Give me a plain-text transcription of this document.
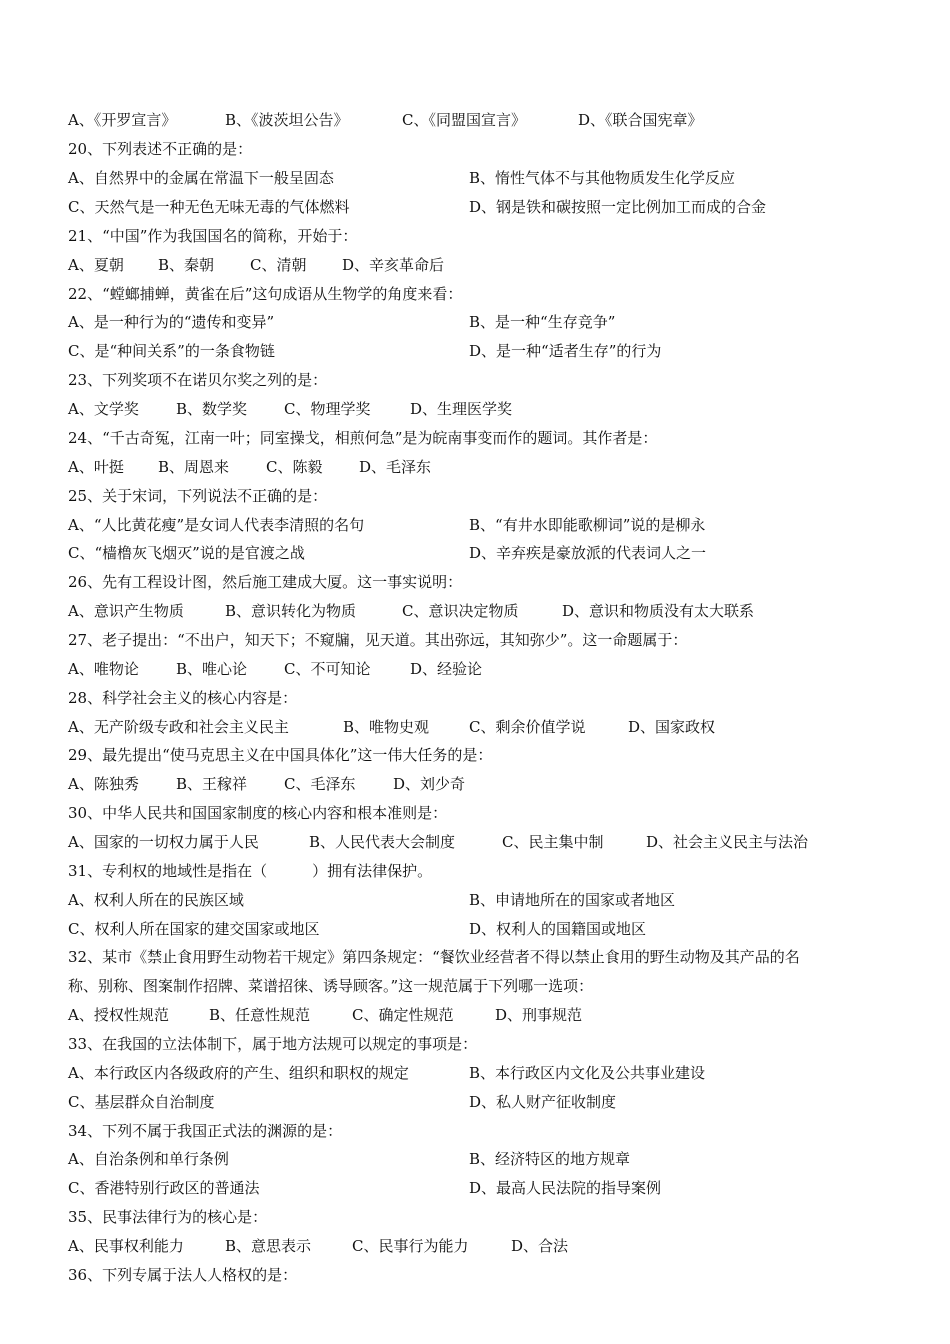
A、《开罗宣言》	B、《波茨坦公告》	C、《同盟国宣言》	D、《联合国宪章》
20、下列表述不正确的是：
A、自然界中的金属在常温下一般呈固态	B、惰性气体不与其他物质发生化学反应
C、天然气是一种无色无味无毒的气体燃料	D、钢是铁和碳按照一定比例加工而成的合金
21、“中国”作为我国国名的简称，开始于：
A、夏朝 B、秦朝 C、清朝 D、辛亥革命后
22、“螳螂捕蝉，黄雀在后”这句成语从生物学的角度来看：
A、是一种行为的“遗传和变异”	B、是一种“生存竞争”
C、是“种间关系”的一条食物链	D、是一种“适者生存”的行为
23、下列奖项不在诺贝尔奖之列的是：
A、文学奖 B、数学奖 C、物理学奖	D、生理医学奖
24、“千古奇冤，江南一叶；同室操戈，相煎何急”是为皖南事变而作的题词。其作者是：
A、叶挺 B、周恩来 C、陈毅 D、毛泽东
25、关于宋词，下列说法不正确的是：
A、“人比黄花瘦”是女词人代表李清照的名句	B、“有井水即能歌柳词”说的是柳永
C、“樯橹灰飞烟灭”说的是官渡之战	D、辛弃疾是豪放派的代表词人之一
26、先有工程设计图，然后施工建成大厦。这一事实说明：
A、意识产生物质	B、意识转化为物质	C、意识决定物质	D、意识和物质没有太大联系
27、老子提出：“不出户，知天下；不窥牖，见天道。其出弥远，其知弥少”。这一命题属于：
A、唯物论 B、唯心论 C、不可知论	D、经验论
28、科学社会主义的核心内容是：
A、无产阶级专政和社会主义民主	B、唯物史观	C、剩余价值学说	D、国家政权
29、最先提出“使马克思主义在中国具体化”这一伟大任务的是：
A、陈独秀 B、王稼祥 C、毛泽东	D、刘少奇
30、中华人民共和国国家制度的核心内容和根本准则是：
A、国家的一切权力属于人民	B、人民代表大会制度	C、民主集中制	D、社会主义民主与法治
31、专利权的地域性是指在（　　　）拥有法律保护。
A、权利人所在的民族区域	B、申请地所在的国家或者地区
C、权利人所在国家的建交国家或地区	D、权利人的国籍国或地区
32、某市《禁止食用野生动物若干规定》第四条规定：“餐饮业经营者不得以禁止食用的野生动物及其产品的名
称、别称、图案制作招牌、菜谱招徕、诱导顾客。”这一规范属于下列哪一选项：
A、授权性规范	B、任意性规范	C、确定性规范	D、刑事规范
33、在我国的立法体制下，属于地方法规可以规定的事项是：
A、本行政区内各级政府的产生、组织和职权的规定	B、本行政区内文化及公共事业建设
C、基层群众自治制度	D、私人财产征收制度
34、下列不属于我国正式法的渊源的是：
A、自治条例和单行条例	B、经济特区的地方规章
C、香港特别行政区的普通法	D、最高人民法院的指导案例
35、民事法律行为的核心是：
A、民事权利能力	B、意思表示	C、民事行为能力	D、合法
36、下列专属于法人人格权的是：
